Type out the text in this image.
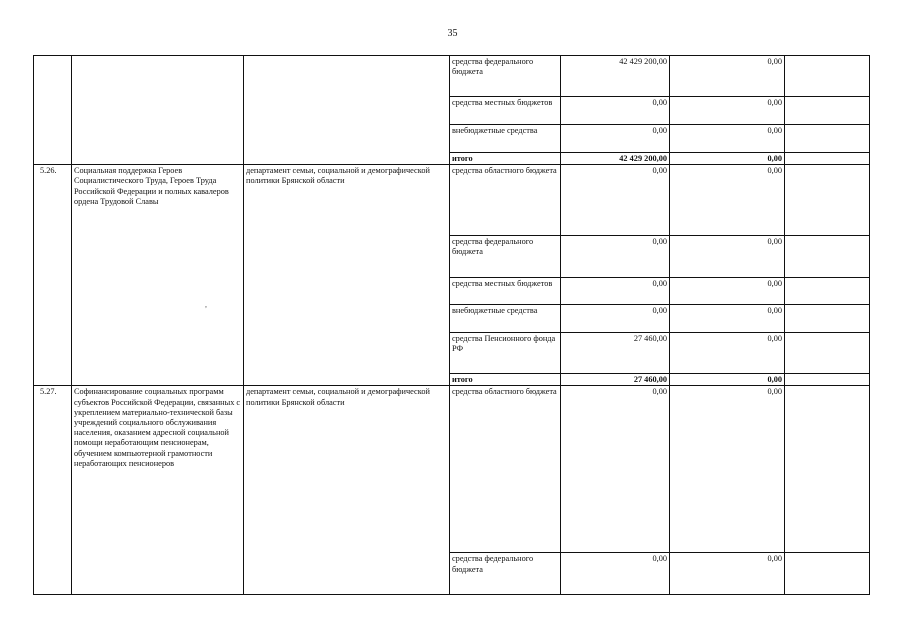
35
			средства федерального бюджета	42 429 200,00	0,00	
			средства местных бюджетов	0,00	0,00	
			внебюджетные средства	0,00	0,00	
			итого	42 429 200,00	0,00	
5.26.	Социальная поддержка Героев Социалистического Труда, Героев Труда Российской Федерации и полных кавалеров ордена Трудовой Славы	департамент семьи, социальной и демографической политики Брянской области	средства областного бюджета	0,00	0,00	
			средства федерального бюджета	0,00	0,00	
			средства местных бюджетов	0,00	0,00	
			внебюджетные средства	0,00	0,00	
			средства Пенсионного фонда РФ	27 460,00	0,00	
			итого	27 460,00	0,00	
5.27.	Софинансирование социальных программ субъектов Российской Федерации, связанных с укреплением материально-технической базы учреждений социального обслуживания населения, оказанием адресной социальной помощи неработающим пенсионерам, обучением компьютерной грамотности неработающих пенсионеров	департамент семьи, социальной и демографической политики Брянской области	средства областного бюджета	0,00	0,00	
			средства федерального бюджета	0,00	0,00	
,
